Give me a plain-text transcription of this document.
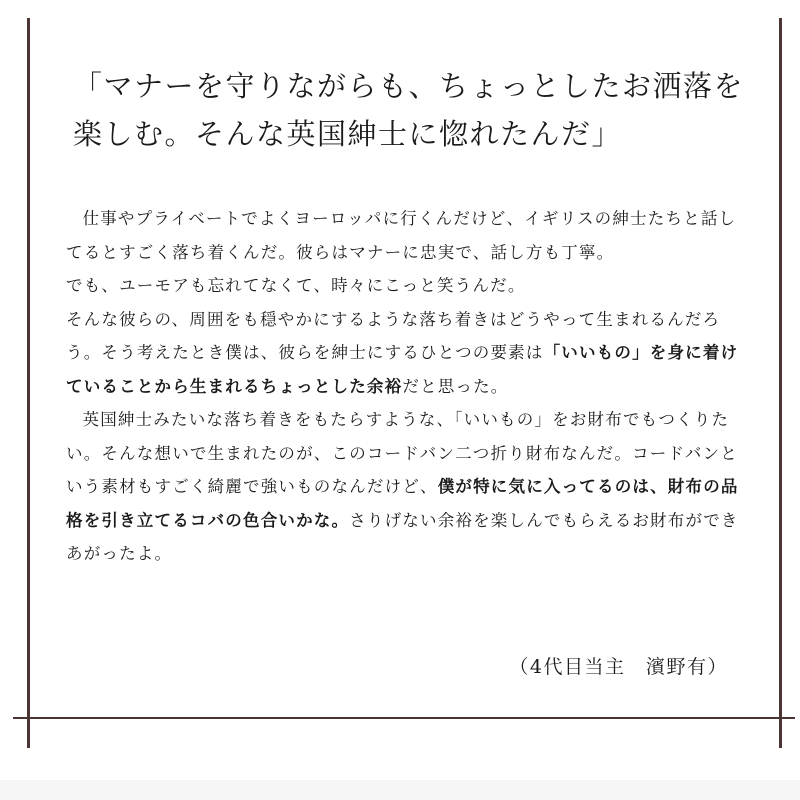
「マナーを守りながらも、ちょっとしたお洒落を
楽しむ。そんな英国紳士に惚れたんだ」

仕事やプライベートでよくヨーロッパに行くんだけど、イギリスの紳士たちと話してるとすごく落ち着くんだ。彼らはマナーに忠実で、話し方も丁寧。

でも、ユーモアも忘れてなくて、時々にこっと笑うんだ。

そんな彼らの、周囲をも穏やかにするような落ち着きはどうやって生まれるんだろう。そう考えたとき僕は、彼らを紳士にするひとつの要素は「いいもの」を身に着けていることから生まれるちょっとした余裕だと思った。

英国紳士みたいな落ち着きをもたらすような、「いいもの」をお財布でもつくりたい。そんな想いで生まれたのが、このコードバン二つ折り財布なんだ。コードバンという素材もすごく綺麗で強いものなんだけど、僕が特に気に入ってるのは、財布の品格を引き立てるコバの色合いかな。さりげない余裕を楽しんでもらえるお財布ができあがったよ。

（4代目当主　濱野有）
